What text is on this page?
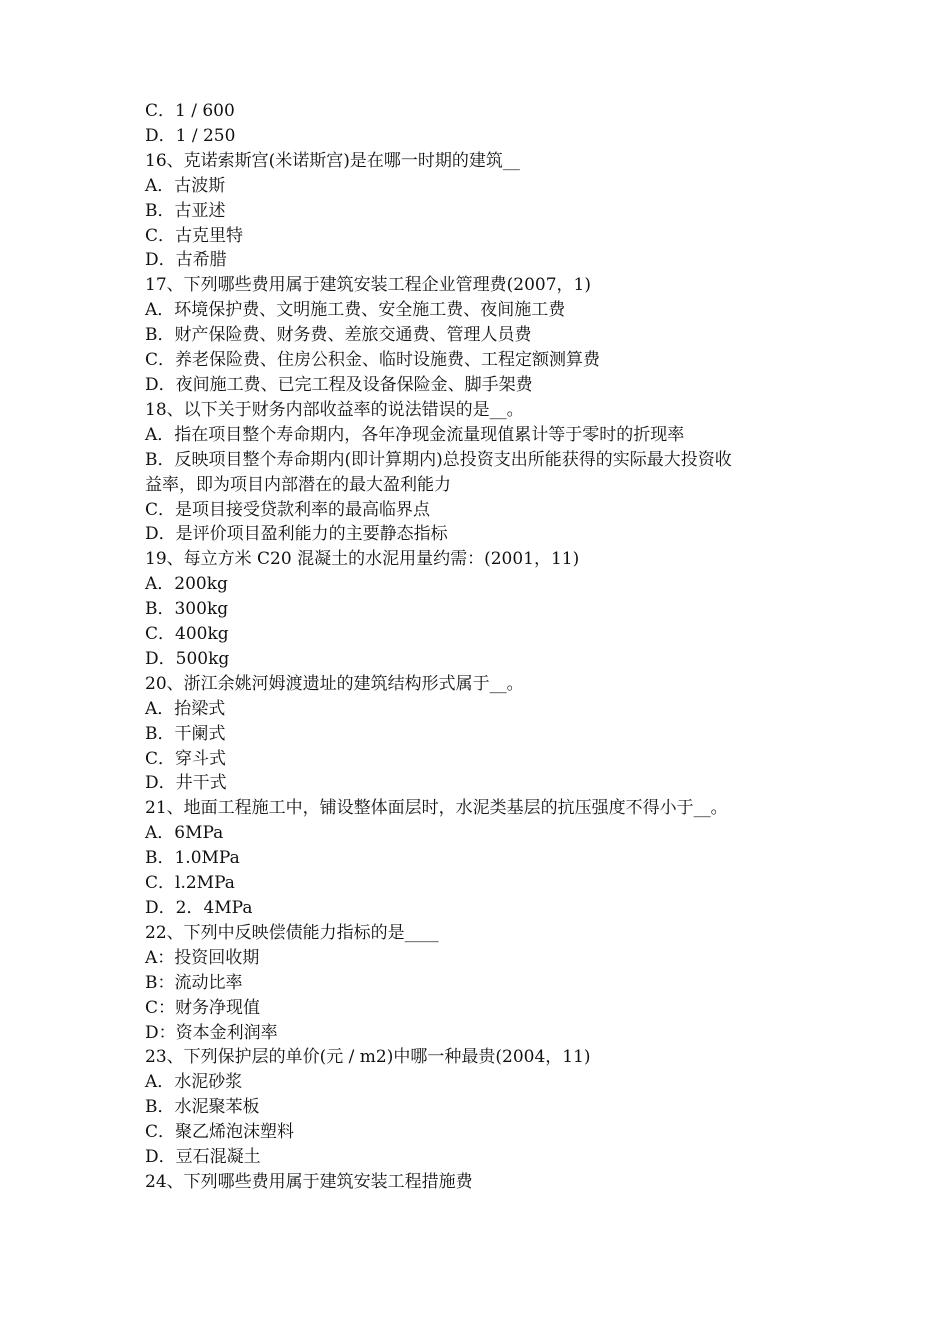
C．1 / 600

D．1 / 250

16、克诺索斯宫(米诺斯宫)是在哪一时期的建筑__

A．古波斯

B．古亚述

C．古克里特

D．古希腊

17、下列哪些费用属于建筑安装工程企业管理费(2007，1)

A．环境保护费、文明施工费、安全施工费、夜间施工费

B．财产保险费、财务费、差旅交通费、管理人员费

C．养老保险费、住房公积金、临时设施费、工程定额测算费

D．夜间施工费、已完工程及设备保险金、脚手架费

18、以下关于财务内部收益率的说法错误的是__。

A．指在项目整个寿命期内，各年净现金流量现值累计等于零时的折现率

B．反映项目整个寿命期内(即计算期内)总投资支出所能获得的实际最大投资收

益率，即为项目内部潜在的最大盈利能力

C．是项目接受贷款利率的最高临界点

D．是评价项目盈利能力的主要静态指标

19、每立方米 C20 混凝土的水泥用量约需：(2001，11)

A．200kg

B．300kg

C．400kg

D．500kg

20、浙江余姚河姆渡遗址的建筑结构形式属于__。

A．抬梁式

B．干阑式

C．穿斗式

D．井干式

21、地面工程施工中，铺设整体面层时，水泥类基层的抗压强度不得小于__。

A．6MPa

B．1.0MPa

C．l.2MPa

D．2．4MPa

22、下列中反映偿债能力指标的是____

A：投资回收期

B：流动比率

C：财务净现值

D：资本金利润率

23、下列保护层的单价(元 / m2)中哪一种最贵(2004，11)

A．水泥砂浆

B．水泥聚苯板

C．聚乙烯泡沫塑料

D．豆石混凝土

24、下列哪些费用属于建筑安装工程措施费
